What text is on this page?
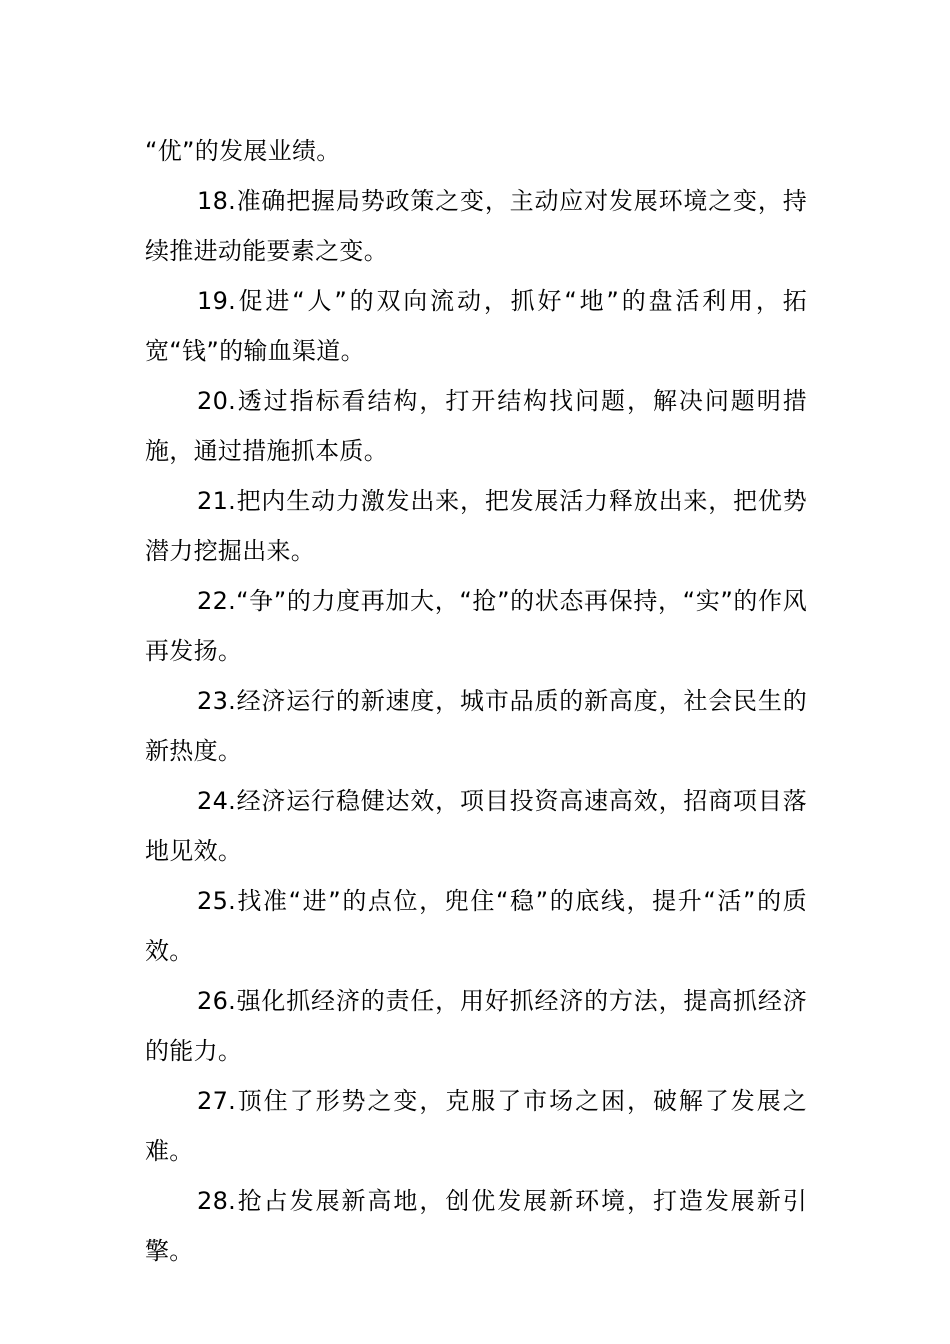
“优”的发展业绩。

18.准确把握局势政策之变，主动应对发展环境之变，持续推进动能要素之变。

19.促进“人”的双向流动，抓好“地”的盘活利用，拓宽“钱”的输血渠道。

20.透过指标看结构，打开结构找问题，解决问题明措施，通过措施抓本质。

21.把内生动力激发出来，把发展活力释放出来，把优势潜力挖掘出来。

22.“争”的力度再加大，“抢”的状态再保持，“实”的作风再发扬。

23.经济运行的新速度，城市品质的新高度，社会民生的新热度。

24.经济运行稳健达效，项目投资高速高效，招商项目落地见效。

25.找准“进”的点位，兜住“稳”的底线，提升“活”的质效。

26.强化抓经济的责任，用好抓经济的方法，提高抓经济的能力。

27.顶住了形势之变，克服了市场之困，破解了发展之难。

28.抢占发展新高地，创优发展新环境，打造发展新引擎。
